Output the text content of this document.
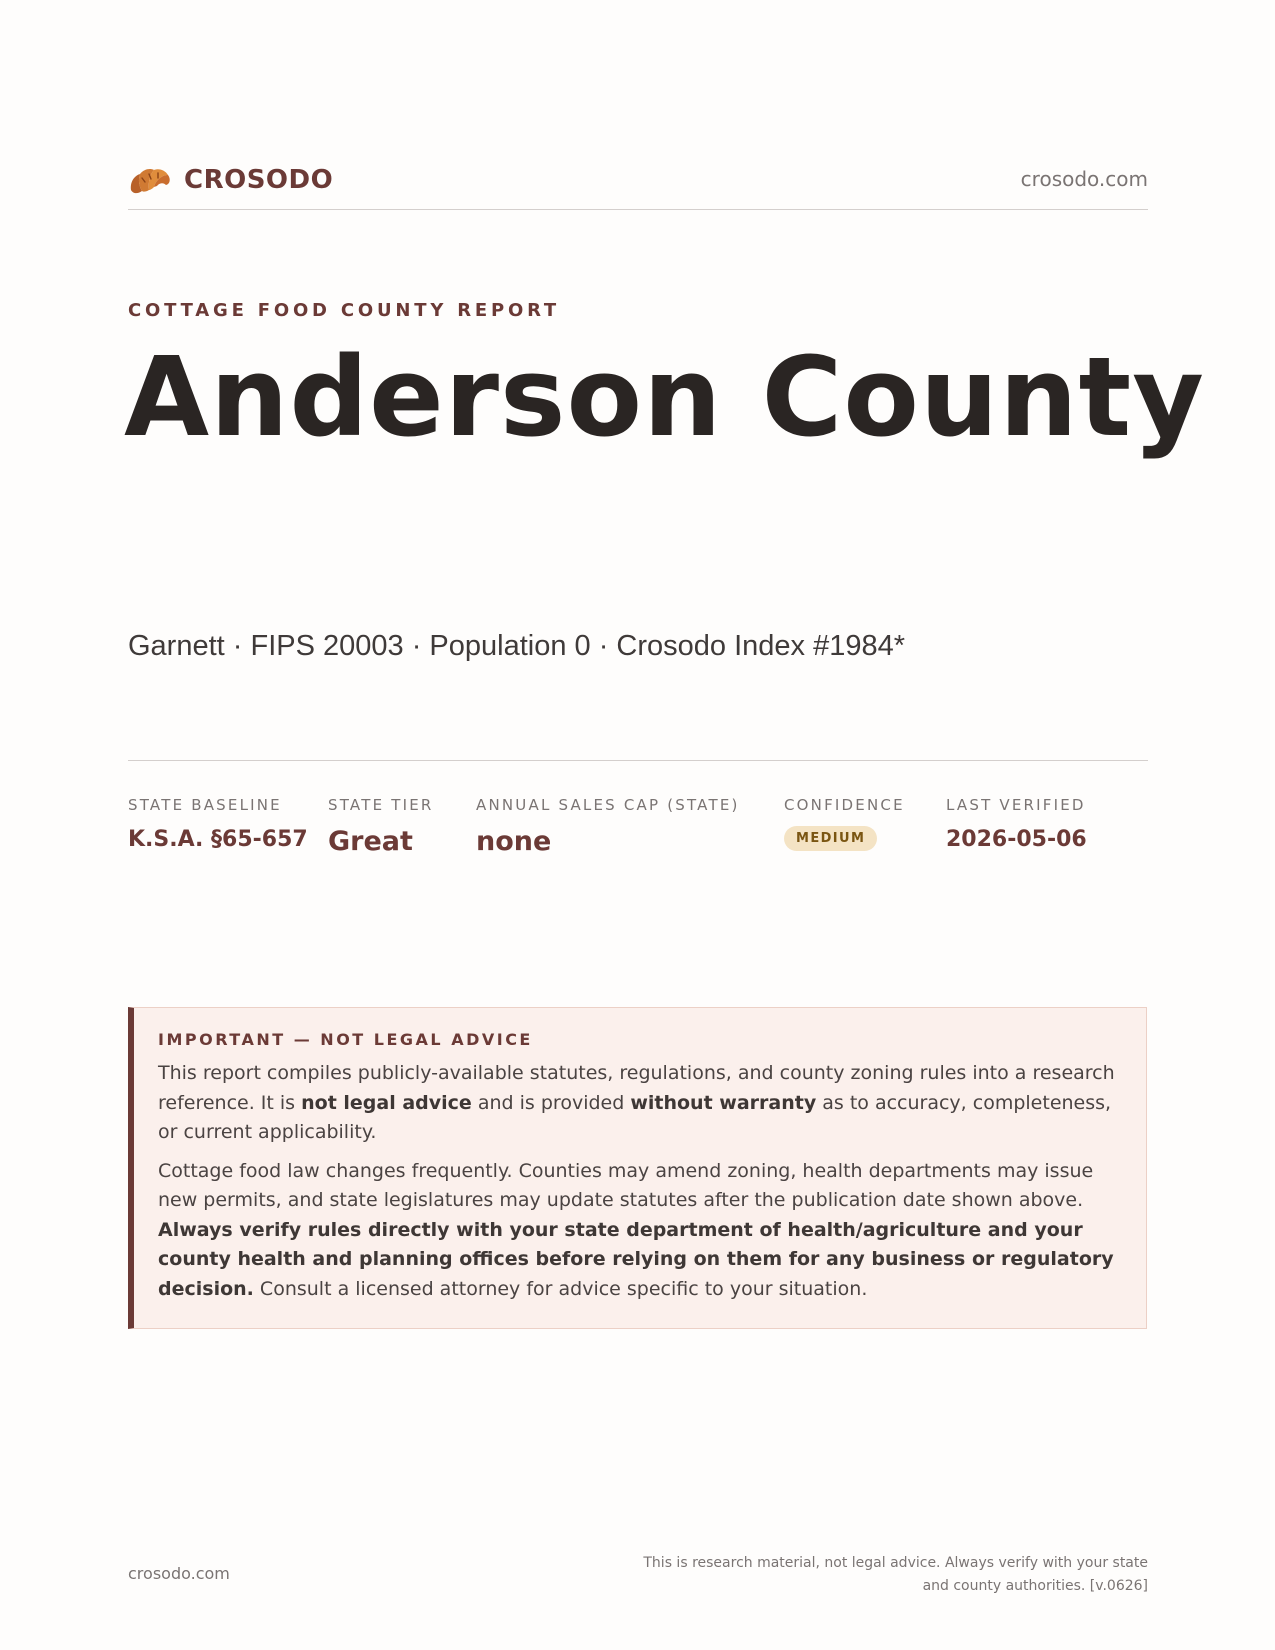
CROSODO	crosodo.com
COTTAGE FOOD COUNTY REPORT
Anderson County
Garnett · FIPS 20003 · Population 0 · Crosodo Index #1984*
STATE BASELINE
K.S.A. §65-657
STATE TIER
Great
ANNUAL SALES CAP (STATE)
none
CONFIDENCE
MEDIUM
LAST VERIFIED
2026-05-06
IMPORTANT — NOT LEGAL ADVICE

This report compiles publicly-available statutes, regulations, and county zoning rules into a research reference. It is not legal advice and is provided without warranty as to accuracy, completeness, or current applicability.

Cottage food law changes frequently. Counties may amend zoning, health departments may issue new permits, and state legislatures may update statutes after the publication date shown above. Always verify rules directly with your state department of health/agriculture and your county health and planning offices before relying on them for any business or regulatory decision. Consult a licensed attorney for advice specific to your situation.

crosodo.com
This is research material, not legal advice. Always verify with your state
and county authorities. [v.0626]
